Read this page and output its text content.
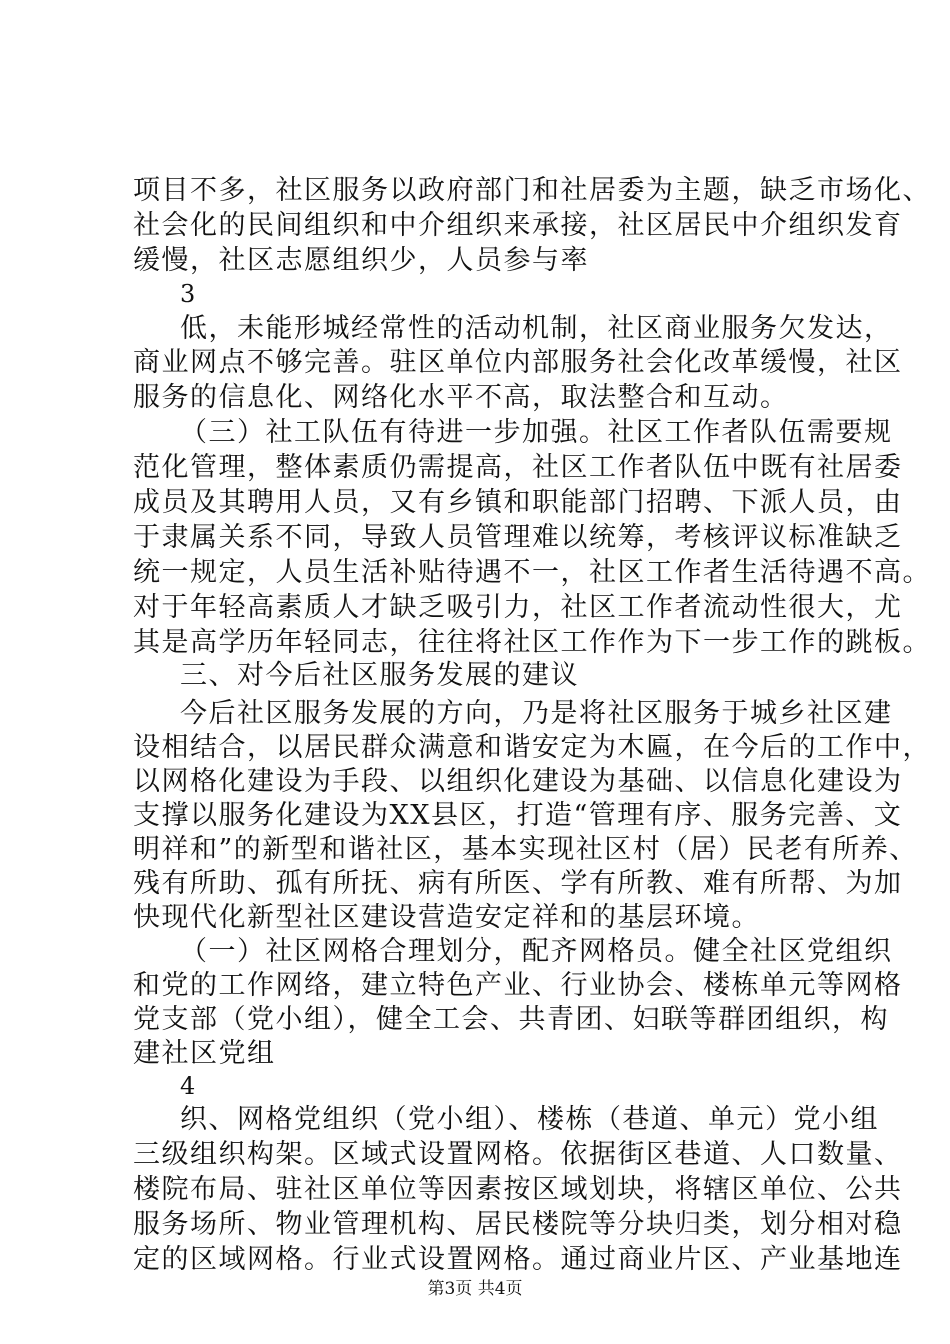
项目不多，社区服务以政府部门和社居委为主题，缺乏市场化、
社会化的民间组织和中介组织来承接，社区居民中介组织发育
缓慢，社区志愿组织少，人员参与率
3
低，未能形城经常性的活动机制，社区商业服务欠发达，
商业网点不够完善。驻区单位内部服务社会化改革缓慢，社区
服务的信息化、网络化水平不高，取法整合和互动。
（三）社工队伍有待进一步加强。社区工作者队伍需要规
范化管理，整体素质仍需提高，社区工作者队伍中既有社居委
成员及其聘用人员，又有乡镇和职能部门招聘、下派人员，由
于隶属关系不同，导致人员管理难以统筹，考核评议标准缺乏
统一规定，人员生活补贴待遇不一，社区工作者生活待遇不高。
对于年轻高素质人才缺乏吸引力，社区工作者流动性很大，尤
其是高学历年轻同志，往往将社区工作作为下一步工作的跳板。
三、对今后社区服务发展的建议
今后社区服务发展的方向，乃是将社区服务于城乡社区建
设相结合，以居民群众满意和谐安定为木匾，在今后的工作中，
以网格化建设为手段、以组织化建设为基础、以信息化建设为
支撑以服务化建设为XX县区，打造“管理有序、服务完善、文
明祥和”的新型和谐社区，基本实现社区村（居）民老有所养、
残有所助、孤有所抚、病有所医、学有所教、难有所帮、为加
快现代化新型社区建设营造安定祥和的基层环境。
（一）社区网格合理划分，配齐网格员。健全社区党组织
和党的工作网络，建立特色产业、行业协会、楼栋单元等网格
党支部（党小组），健全工会、共青团、妇联等群团组织，构
建社区党组
4
织、网格党组织（党小组）、楼栋（巷道、单元）党小组
三级组织构架。区域式设置网格。依据街区巷道、人口数量、
楼院布局、驻社区单位等因素按区域划块，将辖区单位、公共
服务场所、物业管理机构、居民楼院等分块归类，划分相对稳
定的区域网格。行业式设置网格。通过商业片区、产业基地连
第3页 共4页
